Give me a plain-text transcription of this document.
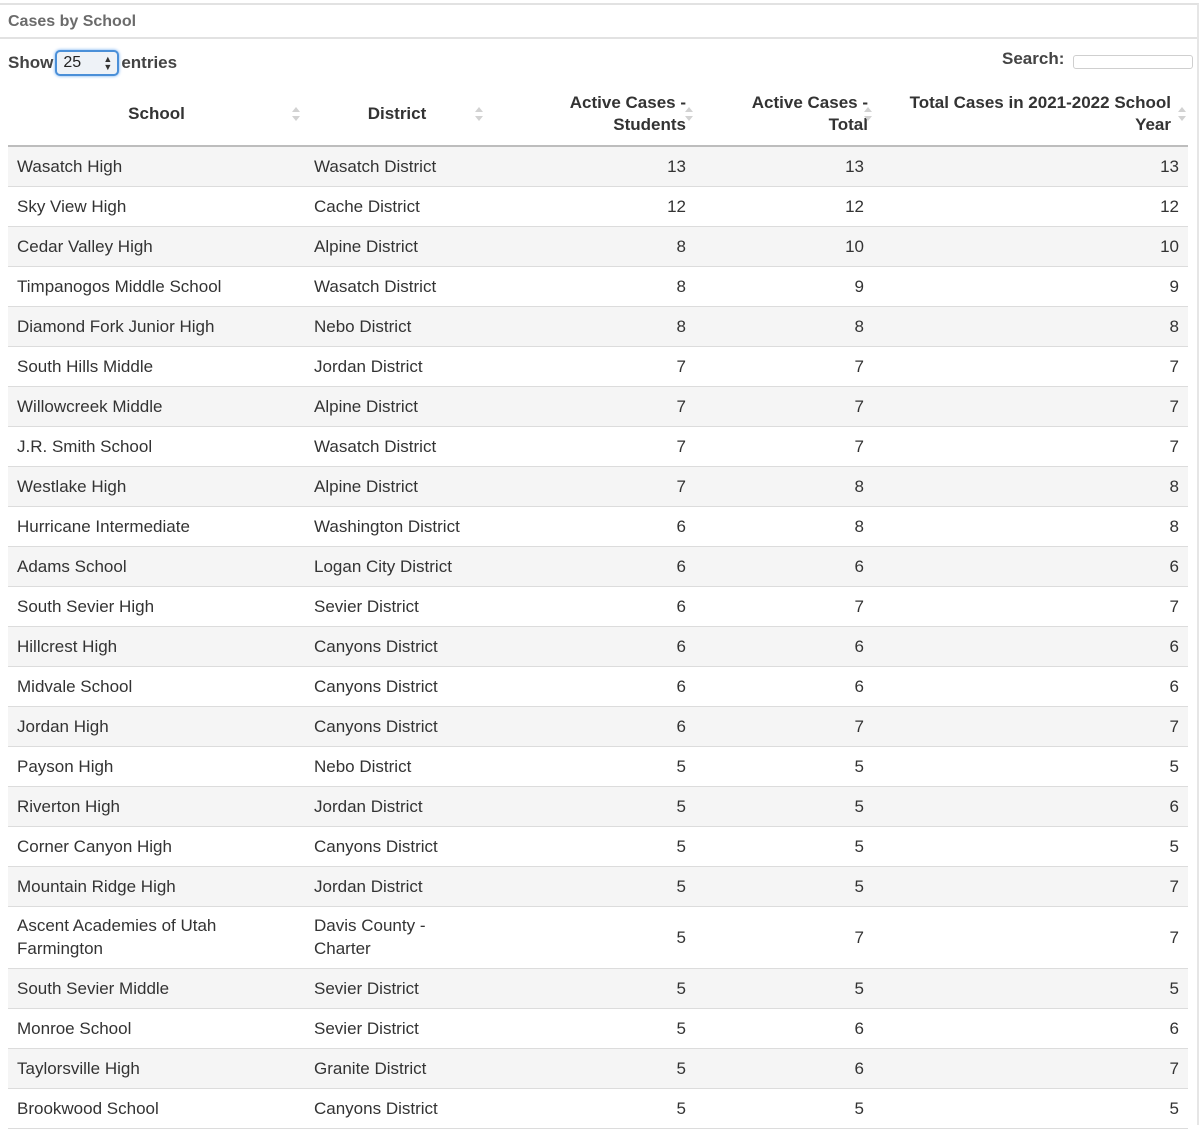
Cases by School
Show 25 ▲
▼ entries	Search:
School	District	Active Cases - Students	Active Cases - Total	Total Cases in 2021-2022 School Year

Wasatch High	Wasatch District	13	13	13
Sky View High	Cache District	12	12	12
Cedar Valley High	Alpine District	8	10	10
Timpanogos Middle School	Wasatch District	8	9	9
Diamond Fork Junior High	Nebo District	8	8	8
South Hills Middle	Jordan District	7	7	7
Willowcreek Middle	Alpine District	7	7	7
J.R. Smith School	Wasatch District	7	7	7
Westlake High	Alpine District	7	8	8
Hurricane Intermediate	Washington District	6	8	8
Adams School	Logan City District	6	6	6
South Sevier High	Sevier District	6	7	7
Hillcrest High	Canyons District	6	6	6
Midvale School	Canyons District	6	6	6
Jordan High	Canyons District	6	7	7
Payson High	Nebo District	5	5	5
Riverton High	Jordan District	5	5	6
Corner Canyon High	Canyons District	5	5	5
Mountain Ridge High	Jordan District	5	5	7
Ascent Academies of Utah Farmington	Davis County - Charter	5	7	7
South Sevier Middle	Sevier District	5	5	5
Monroe School	Sevier District	5	6	6
Taylorsville High	Granite District	5	6	7
Brookwood School	Canyons District	5	5	5
